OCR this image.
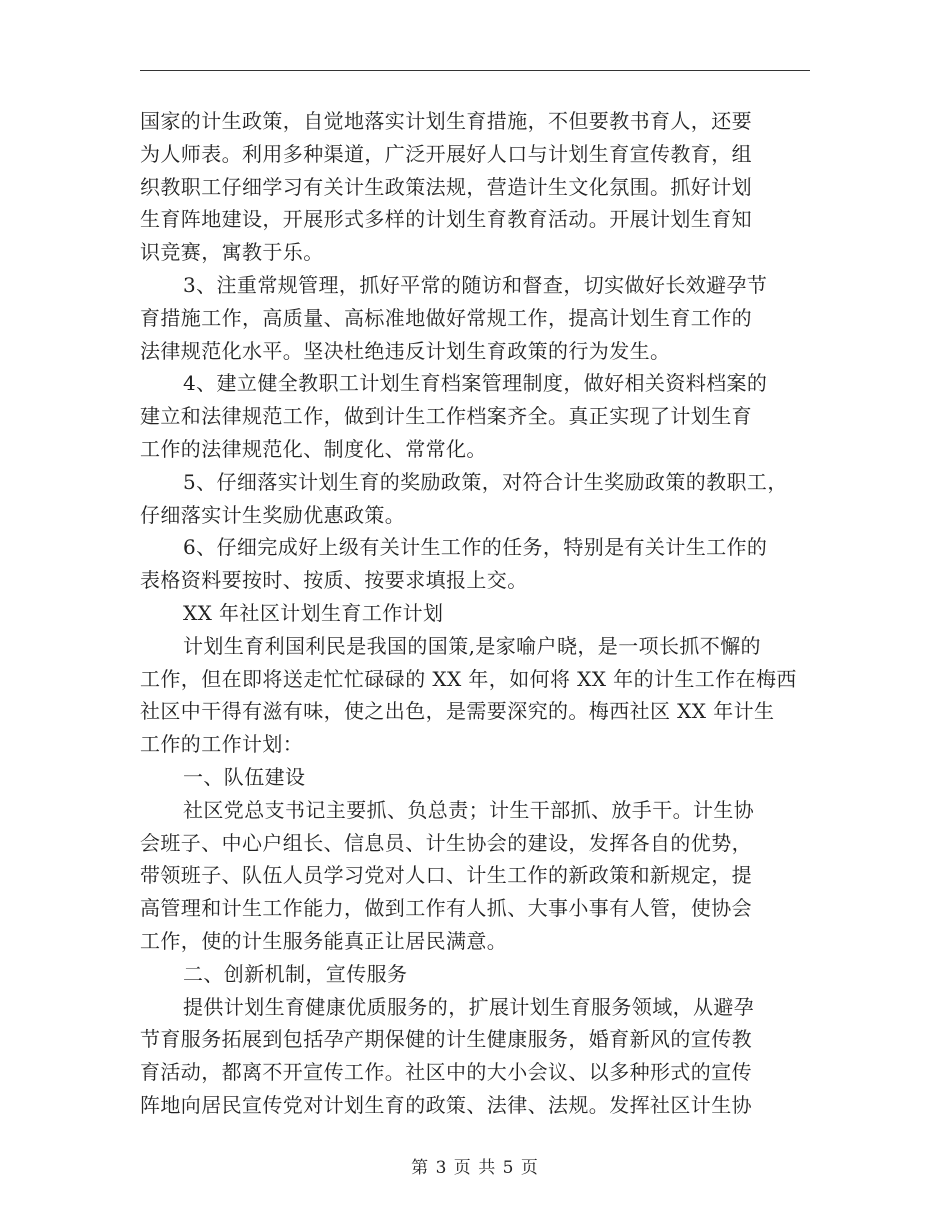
国家的计生政策，自觉地落实计划生育措施，不但要教书育人，还要
为人师表。利用多种渠道，广泛开展好人口与计划生育宣传教育，组
织教职工仔细学习有关计生政策法规，营造计生文化氛围。抓好计划
生育阵地建设，开展形式多样的计划生育教育活动。开展计划生育知
识竞赛，寓教于乐。
3、注重常规管理，抓好平常的随访和督查，切实做好长效避孕节
育措施工作，高质量、高标准地做好常规工作，提高计划生育工作的
法律规范化水平。坚决杜绝违反计划生育政策的行为发生。
4、建立健全教职工计划生育档案管理制度，做好相关资料档案的
建立和法律规范工作，做到计生工作档案齐全。真正实现了计划生育
工作的法律规范化、制度化、常常化。
5、仔细落实计划生育的奖励政策，对符合计生奖励政策的教职工，
仔细落实计生奖励优惠政策。
6、仔细完成好上级有关计生工作的任务，特别是有关计生工作的
表格资料要按时、按质、按要求填报上交。
XX 年社区计划生育工作计划
计划生育利国利民是我国的国策,是家喻户晓，是一项长抓不懈的
工作，但在即将送走忙忙碌碌的 XX 年，如何将 XX 年的计生工作在梅西
社区中干得有滋有味，使之出色，是需要深究的。梅西社区 XX 年计生
工作的工作计划：
一、队伍建设
社区党总支书记主要抓、负总责；计生干部抓、放手干。计生协
会班子、中心户组长、信息员、计生协会的建设，发挥各自的优势，
带领班子、队伍人员学习党对人口、计生工作的新政策和新规定，提
高管理和计生工作能力，做到工作有人抓、大事小事有人管，使协会
工作，使的计生服务能真正让居民满意。
二、创新机制，宣传服务
提供计划生育健康优质服务的，扩展计划生育服务领域，从避孕
节育服务拓展到包括孕产期保健的计生健康服务，婚育新风的宣传教
育活动，都离不开宣传工作。社区中的大小会议、以多种形式的宣传
阵地向居民宣传党对计划生育的政策、法律、法规。发挥社区计生协
第 3 页 共 5 页
